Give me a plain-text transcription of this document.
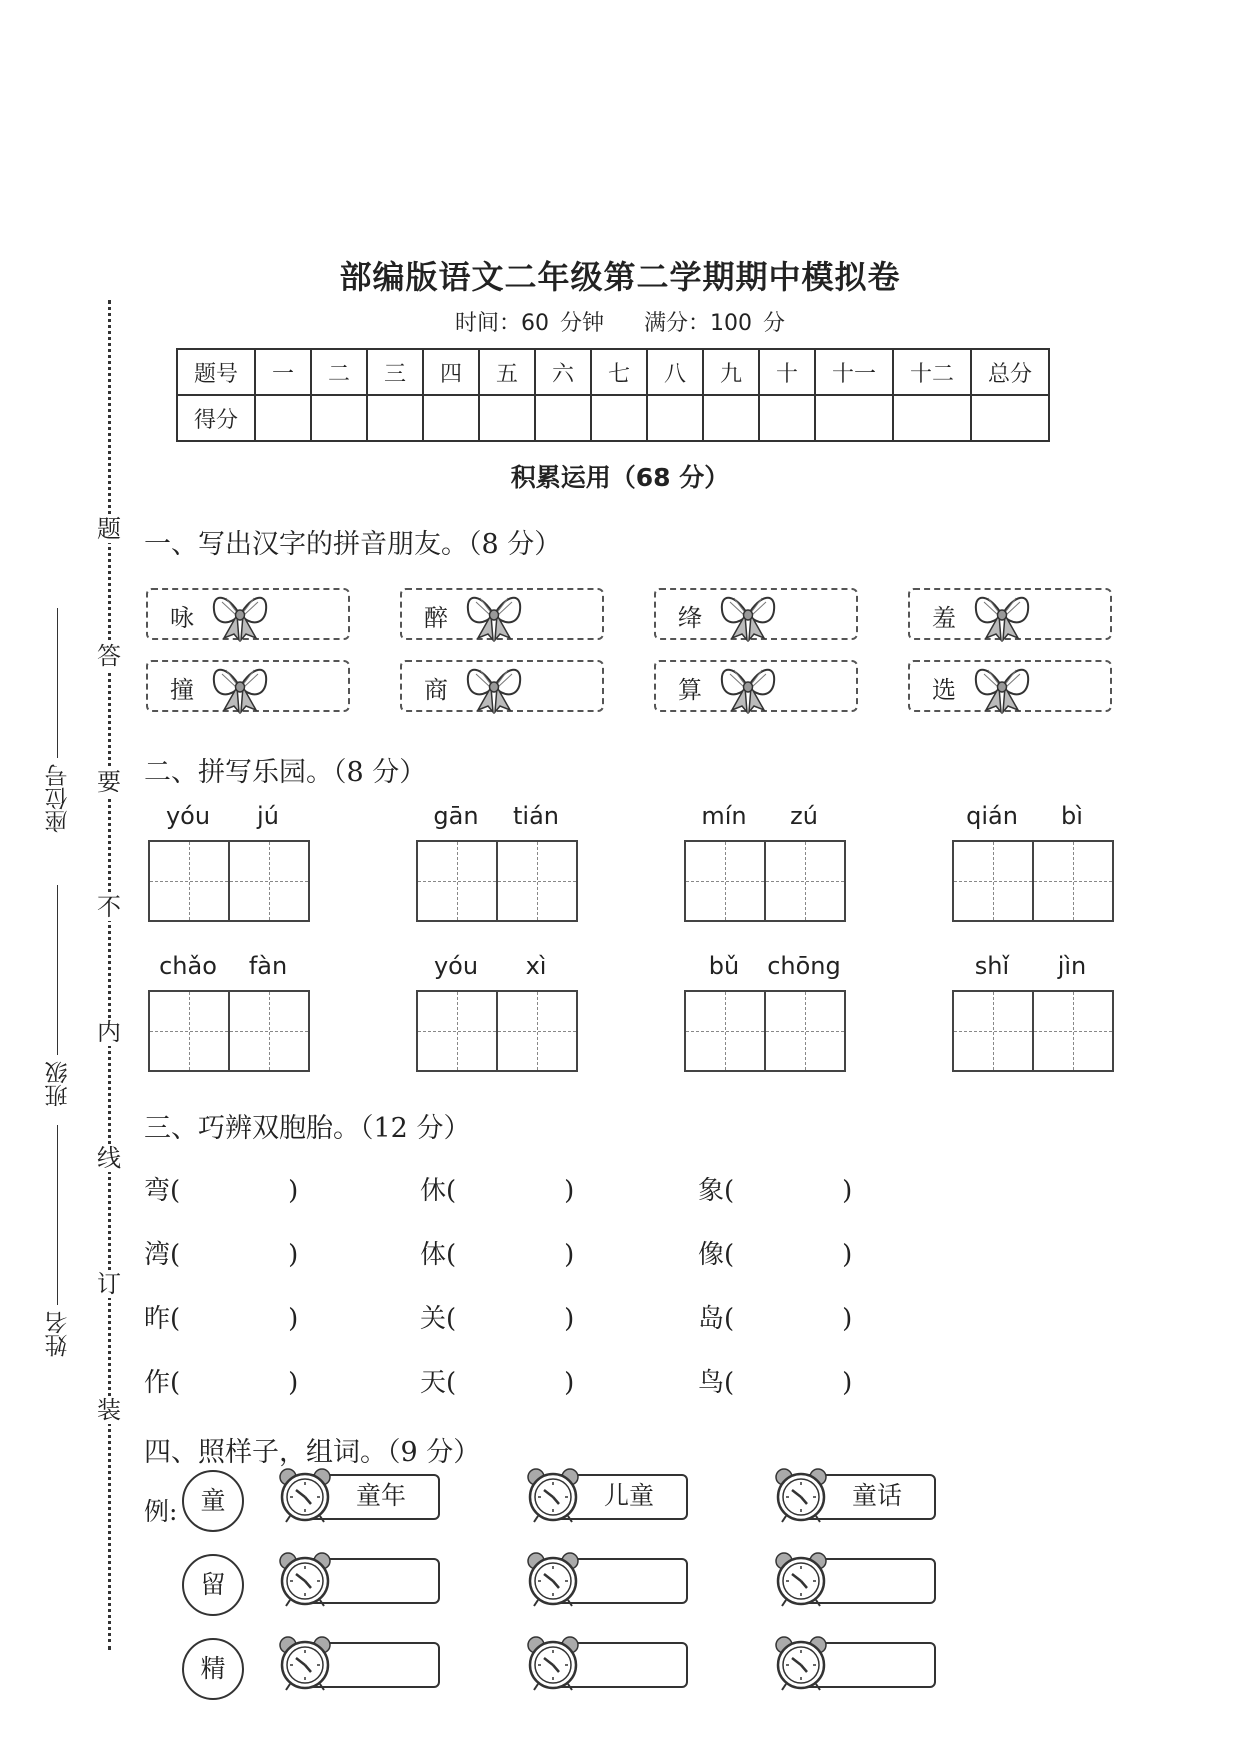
题
答
要
不
内
线
订
装
座位号
班级
姓名
部编版语文二年级第二学期期中模拟卷
时间：60 分钟 满分：100 分
题号	一	二	三	四	五	六	七	八	九	十	十一	十二	总分
得分													
积累运用（68 分）
一、写出汉字的拼音朋友。（8 分）
咏	醉	绛	羞
撞	商	算	选
二、拼写乐园。（8 分）
yóu	jú	gān	tián	mín	zú	qián	bì
chǎo	fàn	yóu	xì	bǔ	chōng	shǐ	jìn
三、巧辨双胞胎。（12 分）
弯(	)	休(	)	象(	)
湾(	)	体(	)	像(	)
昨(	)	关(	)	岛(	)
作(	)	天(	)	鸟(	)
四、照样子，组词。（9 分）
例: 童	童年	儿童	童话
留
精
